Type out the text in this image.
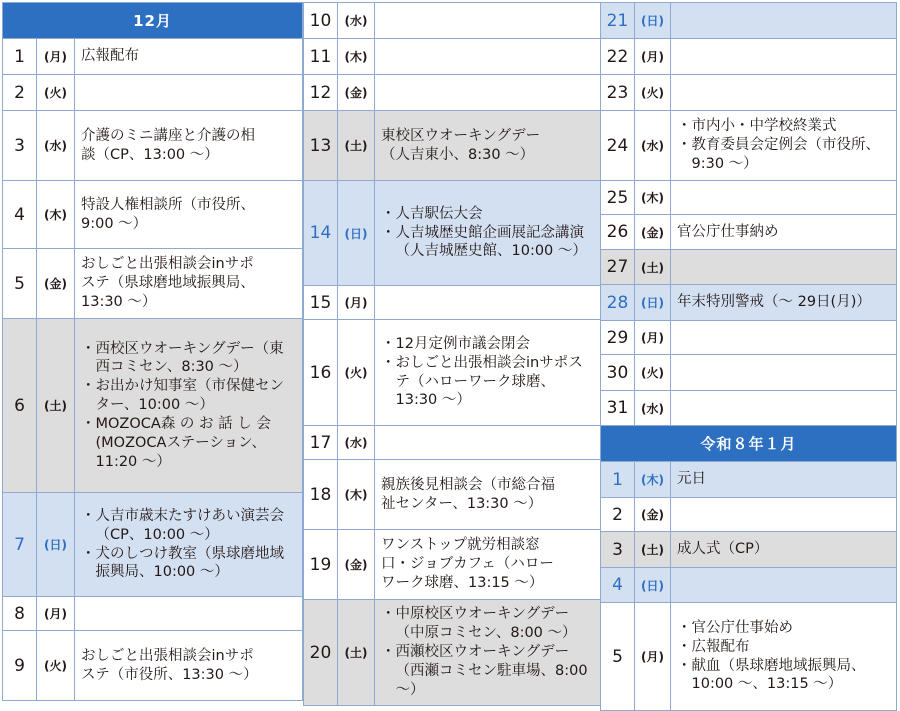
12月		
1	(月)	広報配布

2	(火)	
3	(水)	介護のミニ講座と介護の相
談（CP、13:00 ～）

4	(木)	特設人権相談所（市役所、
9:00 ～）

5	(金)	おしごと出張相談会inサポ
ステ（県球磨地域振興局、
13:30 ～）

6	(土)	・西校区ウオーキングデー（東西コミセン、8:30 ～）
・お出かけ知事室（市保健センター、10:00 ～）
・MOZOCA森 の お 話 し 会 (MOZOCAステーション、11:20 ～）

7	(日)	・人吉市歳末たすけあい演芸会（CP、10:00 ～）
・犬のしつけ教室（県球磨地域振興局、10:00 ～）

8	(月)	
9	(火)	おしごと出張相談会inサポ
ステ（市役所、13:30 ～）
10	(水)	
11	(木)	
12	(金)	
13	(土)	東校区ウオーキングデー
（人吉東小、8:30 ～）

14	(日)	・人吉駅伝大会
・人吉城歴史館企画展記念講演（人吉城歴史館、10:00 ～）

15	(月)	
16	(火)	・12月定例市議会閉会
・おしごと出張相談会inサポステ（ハローワーク球磨、13:30 ～）

17	(水)	
18	(木)	親族後見相談会（市総合福
祉センター、13:30 ～）

19	(金)	ワンストップ就労相談窓
口・ジョブカフェ（ハロー
ワーク球磨、13:15 ～）

20	(土)	・中原校区ウオーキングデー（中原コミセン、8:00 ～）
・西瀬校区ウオーキングデー（西瀬コミセン駐車場、8:00 ～）
21	(日)	
22	(月)	
23	(火)	
24	(水)	・市内小・中学校終業式
・教育委員会定例会（市役所、9:30 ～）

25	(木)	
26	(金)	官公庁仕事納め

27	(土)	
28	(日)	年末特別警戒（～ 29日(月)）

29	(月)	
30	(火)	
31	(水)	
令和８年１月		
1	(木)	元日

2	(金)	
3	(土)	成人式（CP）

4	(日)	
5	(月)	・官公庁仕事始め
・広報配布
・献血（県球磨地域振興局、10:00 ～、13:15 ～）
